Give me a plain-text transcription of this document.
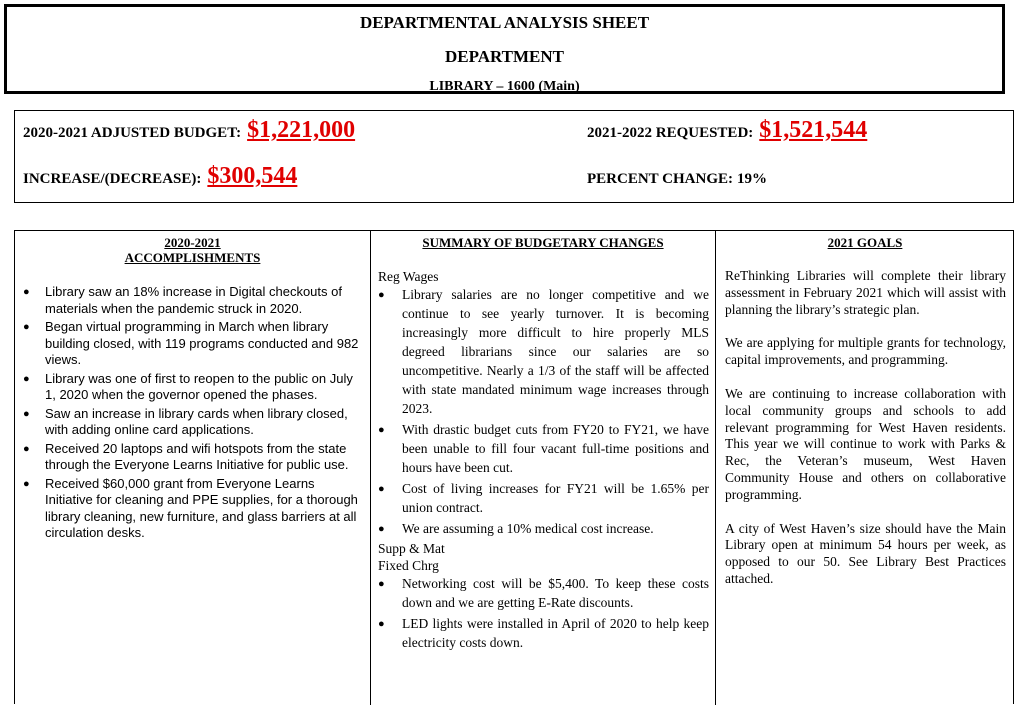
DEPARTMENTAL ANALYSIS SHEET
DEPARTMENT
LIBRARY – 1600 (Main)
2020-2021 ADJUSTED BUDGET: $1,221,000	2021-2022 REQUESTED: $1,521,544
INCREASE/(DECREASE): $300,544	PERCENT CHANGE: 19%
2020-2021
ACCOMPLISHMENTS
● Library saw an 18% increase in Digital checkouts of materials when the pandemic struck in 2020.
● Began virtual programming in March when library building closed, with 119 programs conducted and 982 views.
● Library was one of first to reopen to the public on July 1, 2020 when the governor opened the phases.
● Saw an increase in library cards when library closed, with adding online card applications.
● Received 20 laptops and wifi hotspots from the state through the Everyone Learns Initiative for public use.
● Received $60,000 grant from Everyone Learns Initiative for cleaning and PPE supplies, for a thorough library cleaning, new furniture, and glass barriers at all circulation desks.
SUMMARY OF BUDGETARY CHANGES
Reg Wages
● Library salaries are no longer competitive and we continue to see yearly turnover. It is becoming increasingly more difficult to hire properly MLS degreed librarians since our salaries are so uncompetitive. Nearly a 1/3 of the staff will be affected with state mandated minimum wage increases through 2023.
● With drastic budget cuts from FY20 to FY21, we have been unable to fill four vacant full-time positions and hours have been cut.
● Cost of living increases for FY21 will be 1.65% per union contract.
● We are assuming a 10% medical cost increase.
Supp & Mat
Fixed Chrg
● Networking cost will be $5,400. To keep these costs down and we are getting E-Rate discounts.
● LED lights were installed in April of 2020 to help keep electricity costs down.
2021 GOALS

ReThinking Libraries will complete their library assessment in February 2021 which will assist with planning the library’s strategic plan.

We are applying for multiple grants for technology, capital improvements, and programming.

We are continuing to increase collaboration with local community groups and schools to add relevant programming for West Haven residents. This year we will continue to work with Parks & Rec, the Veteran’s museum, West Haven Community House and others on collaborative programming.

A city of West Haven’s size should have the Main Library open at minimum 54 hours per week, as opposed to our 50. See Library Best Practices attached.
